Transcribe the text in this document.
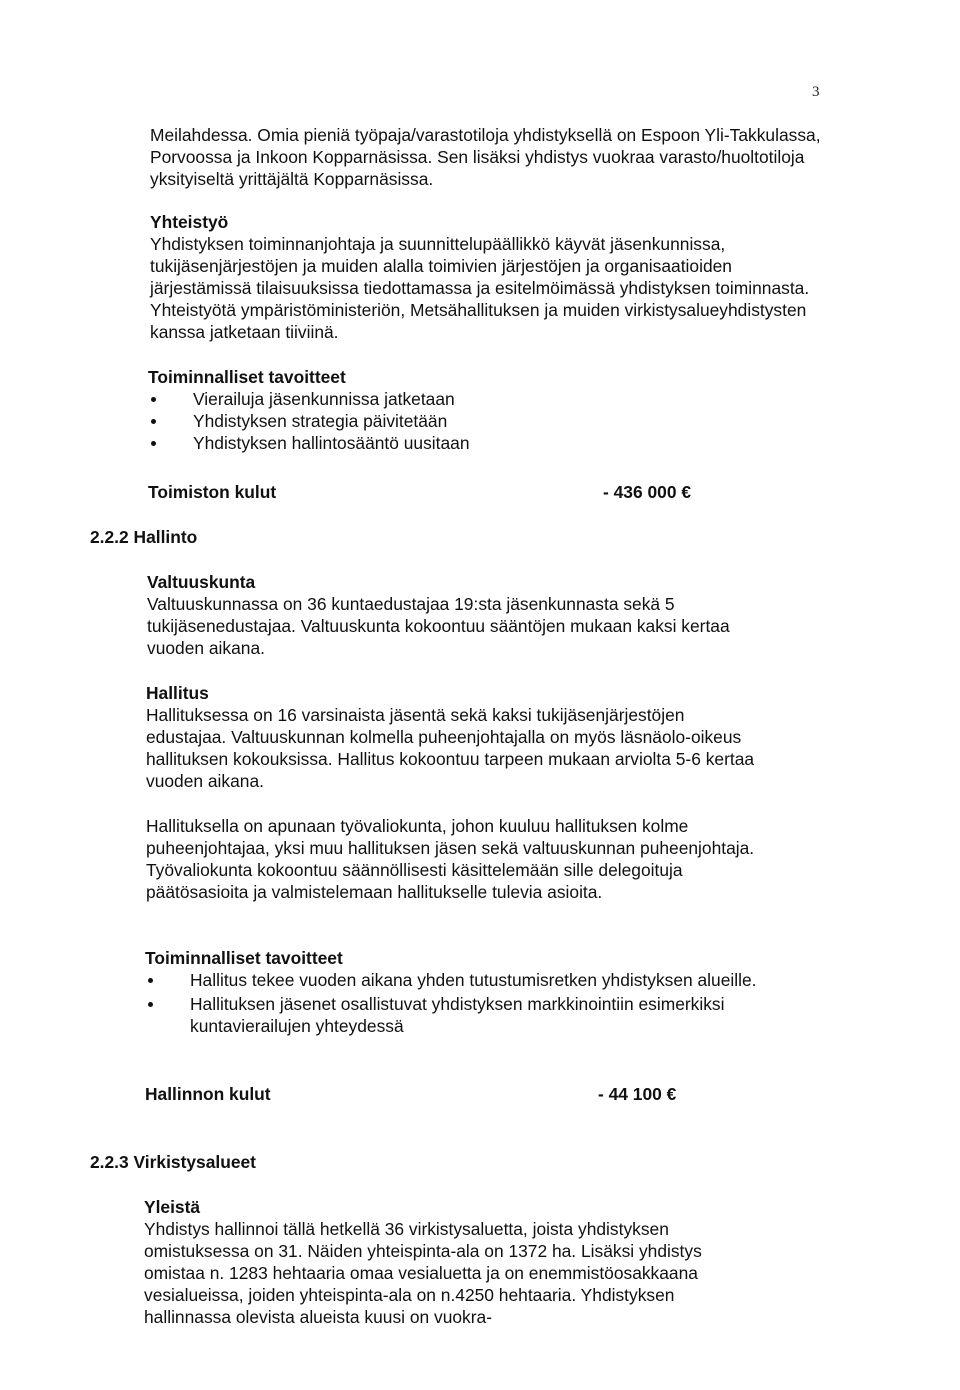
3

Meilahdessa. Omia pieniä työpaja/varastotiloja yhdistyksellä on Espoon Yli-Takkulassa, Porvoossa ja Inkoon Kopparnäsissa. Sen lisäksi yhdistys vuokraa varasto/huoltotiloja yksityiseltä yrittäjältä Kopparnäsissa.

Yhteistyö

Yhdistyksen toiminnanjohtaja ja suunnittelupäällikkö käyvät jäsenkunnissa, tukijäsenjärjestöjen ja muiden alalla toimivien järjestöjen ja organisaatioiden järjestämissä tilaisuuksissa tiedottamassa ja esitelmöimässä yhdistyksen toiminnasta. Yhteistyötä ympäristöministeriön, Metsähallituksen ja muiden virkistysalueyhdistysten kanssa jatketaan tiiviinä.

Toiminnalliset tavoitteet
Vierailuja jäsenkunnissa jatketaan
Yhdistyksen strategia päivitetään
Yhdistyksen hallintosääntö uusitaan
Toimiston kulut	- 436 000 €
2.2.2 Hallinto
Valtuuskunta

Valtuuskunnassa on 36 kuntaedustajaa 19:sta jäsenkunnasta sekä 5 tukijäsenedustajaa. Valtuuskunta kokoontuu sääntöjen mukaan kaksi kertaa vuoden aikana.

Hallitus

Hallituksessa on 16 varsinaista jäsentä sekä kaksi tukijäsenjärjestöjen edustajaa. Valtuuskunnan kolmella puheenjohtajalla on myös läsnäolo-oikeus hallituksen kokouksissa. Hallitus kokoontuu tarpeen mukaan arviolta 5-6 kertaa vuoden aikana.

Hallituksella on apunaan työvaliokunta, johon kuuluu hallituksen kolme puheenjohtajaa, yksi muu hallituksen jäsen sekä valtuuskunnan puheenjohtaja. Työvaliokunta kokoontuu säännöllisesti käsittelemään sille delegoituja päätösasioita ja valmistelemaan hallitukselle tulevia asioita.

Toiminnalliset tavoitteet
Hallitus tekee vuoden aikana yhden tutustumisretken yhdistyksen alueille.
Hallituksen jäsenet osallistuvat yhdistyksen markkinointiin esimerkiksi kuntavierailujen yhteydessä
Hallinnon kulut	- 44 100 €
2.2.3 Virkistysalueet
Yleistä

Yhdistys hallinnoi tällä hetkellä 36 virkistysaluetta, joista yhdistyksen omistuksessa on 31. Näiden yhteispinta-ala on 1372 ha. Lisäksi yhdistys omistaa n. 1283 hehtaaria omaa vesialuetta ja on enemmistöosakkaana vesialueissa, joiden yhteispinta-ala on n.4250 hehtaaria. Yhdistyksen hallinnassa olevista alueista kuusi on vuokra-
